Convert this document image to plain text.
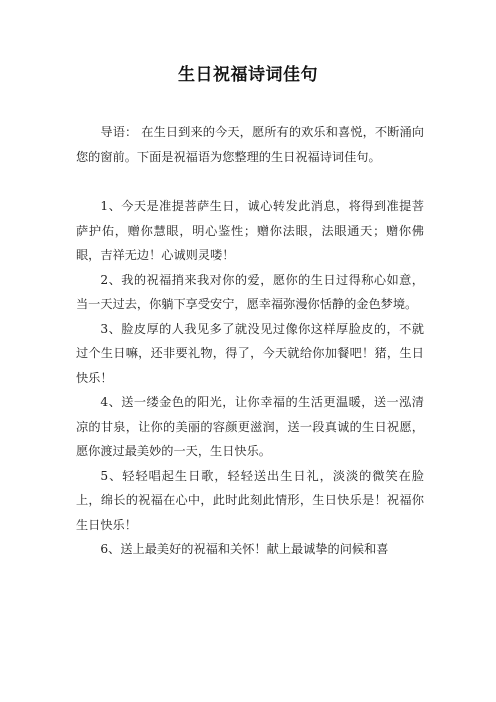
生日祝福诗词佳句

导语： 在生日到来的今天，愿所有的欢乐和喜悦，不断涌向您的窗前。下面是祝福语为您整理的生日祝福诗词佳句。

1、今天是准提菩萨生日，诚心转发此消息，将得到准提菩萨护佑，赠你慧眼，明心鉴性；赠你法眼，法眼通天；赠你佛眼，吉祥无边！心诚则灵喽！

2、我的祝福捎来我对你的爱，愿你的生日过得称心如意，当一天过去，你躺下享受安宁，愿幸福弥漫你恬静的金色梦境。

3、脸皮厚的人我见多了就没见过像你这样厚脸皮的，不就过个生日嘛，还非要礼物，得了，今天就给你加餐吧！猪，生日快乐！

4、送一缕金色的阳光，让你幸福的生活更温暖，送一泓清凉的甘泉，让你的美丽的容颜更滋润，送一段真诚的生日祝愿，愿你渡过最美妙的一天，生日快乐。

5、轻轻唱起生日歌，轻轻送出生日礼，淡淡的微笑在脸上，绵长的祝福在心中，此时此刻此情形，生日快乐是！祝福你生日快乐！

6、送上最美好的祝福和关怀！献上最诚挚的问候和喜
